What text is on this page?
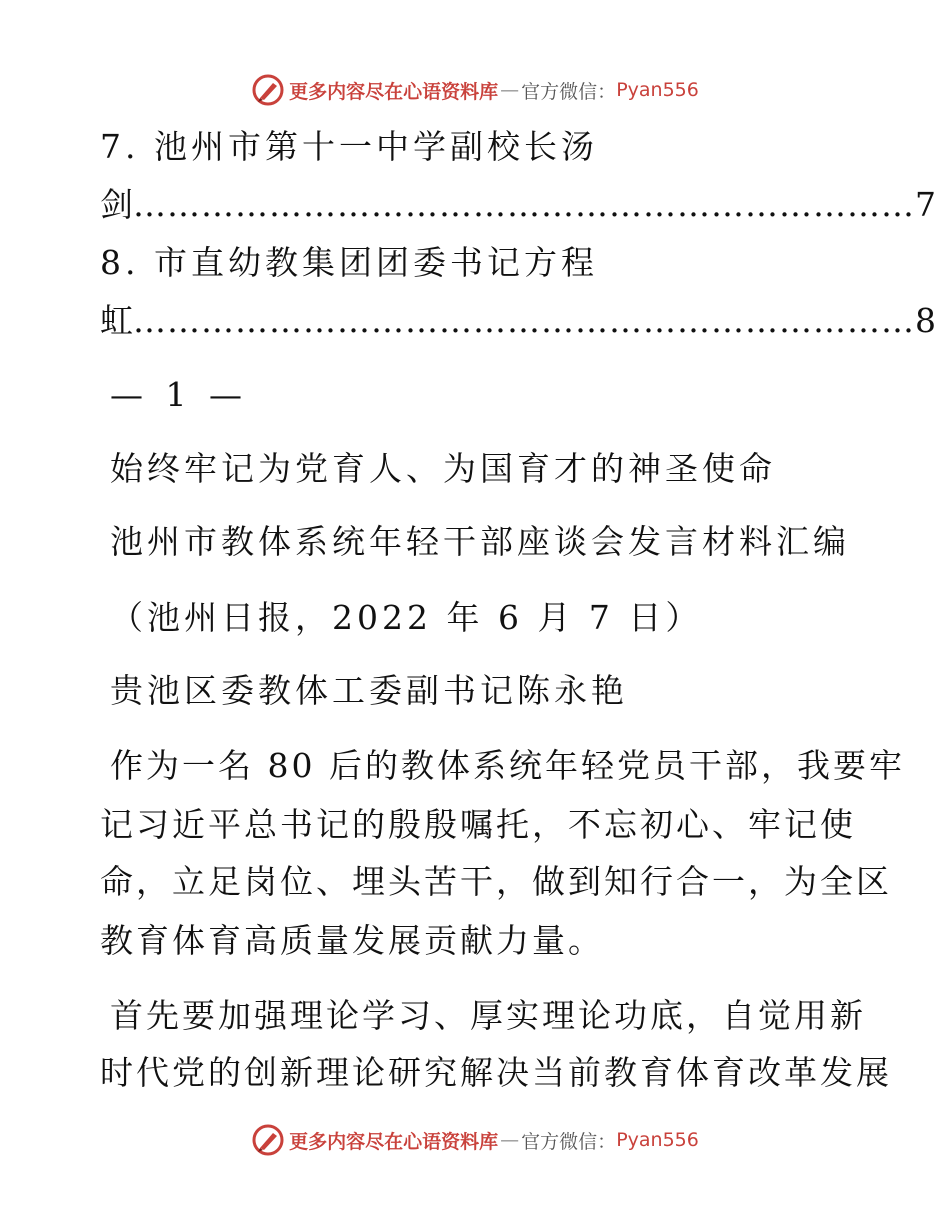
更多内容尽在心语资料库 — 官方微信： Pyan556
7. 池州市第十一中学副校长汤
剑……………………………………………………………7
8. 市直幼教集团团委书记方程
虹……………………………………………………………8
— 1 —
始终牢记为党育人、为国育才的神圣使命
池州市教体系统年轻干部座谈会发言材料汇编
（池州日报，2022 年 6 月 7 日）
贵池区委教体工委副书记陈永艳
作为一名 80 后的教体系统年轻党员干部，我要牢
记习近平总书记的殷殷嘱托，不忘初心、牢记使
命，立足岗位、埋头苦干，做到知行合一，为全区
教育体育高质量发展贡献力量。
首先要加强理论学习、厚实理论功底，自觉用新
时代党的创新理论研究解决当前教育体育改革发展
更多内容尽在心语资料库 — 官方微信： Pyan556
